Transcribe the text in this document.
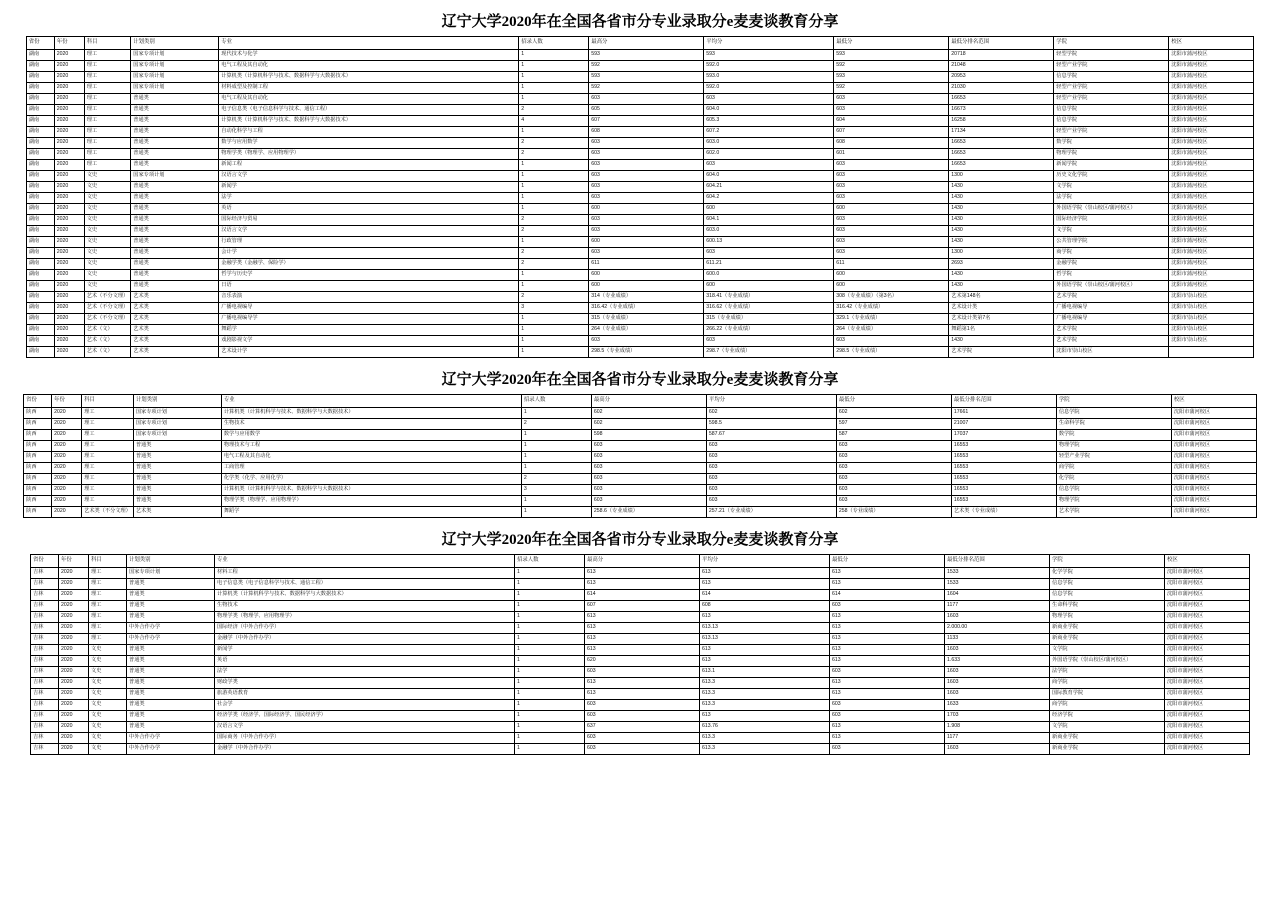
辽宁大学2020年在全国各省市分专业录取分e麦麦谈教育分享
省份	年份	科目	计划类别	专业	招录人数	最高分	平均分	最低分	最低分排名范围	学院	校区
湖南	2020	理工	国家专项计划	现代技术与化学	1	593	593	593	20718	轻型学院	沈阳市蒲河校区
湖南	2020	理工	国家专项计划	电气工程及其自动化	1	592	592.0	592	21048	轻型产业学院	沈阳市蒲河校区
湖南	2020	理工	国家专项计划	计算机类（计算机科学与技术、数据科学与大数据技术）	1	593	593.0	593	20953	信息学院	沈阳市蒲河校区
湖南	2020	理工	国家专项计划	材料成型及控制工程	1	592	592.0	592	21030	轻型产业学院	沈阳市蒲河校区
湖南	2020	理工	普通类	电气工程及其自动化	1	603	603	603	16653	轻型产业学院	沈阳市蒲河校区
湖南	2020	理工	普通类	电子信息类（电子信息科学与技术、通信工程）	2	605	604.0	603	16673	信息学院	沈阳市蒲河校区
湖南	2020	理工	普通类	计算机类（计算机科学与技术、数据科学与大数据技术）	4	607	605.3	604	16258	信息学院	沈阳市蒲河校区
湖南	2020	理工	普通类	自动化科学与工程	1	608	607.2	607	17134	轻型产业学院	沈阳市蒲河校区
湖南	2020	理工	普通类	数学与应用数学	2	603	603.0	608	16653	数学院	沈阳市蒲河校区
湖南	2020	理工	普通类	物理学类（物理学、应用物理学）	2	603	602.0	601	16653	物理学院	沈阳市蒲河校区
湖南	2020	理工	普通类	新闻工程	1	603	603	603	16653	新闻学院	沈阳市蒲河校区
湖南	2020	文史	国家专项计划	汉语言文学	1	603	604.0	603	1300	历史文化学院	沈阳市蒲河校区
湖南	2020	文史	普通类	新闻学	1	603	604.21	603	1430	文学院	沈阳市蒲河校区
湖南	2020	文史	普通类	法学	1	603	604.2	603	1430	法学院	沈阳市蒲河校区
湖南	2020	文史	普通类	英语	1	600	600	600	1430	外国语学院（崇山校区/蒲河校区）	沈阳市蒲河校区
湖南	2020	文史	普通类	国际经济与贸易	2	603	604.1	603	1430	国际经济学院	沈阳市蒲河校区
湖南	2020	文史	普通类	汉语言文学	2	603	603.0	603	1430	文学院	沈阳市蒲河校区
湖南	2020	文史	普通类	行政管理	1	600	600.13	603	1430	公共管理学院	沈阳市蒲河校区
湖南	2020	文史	普通类	会计学	2	603	603	603	1300	商学院	沈阳市蒲河校区
湖南	2020	文史	普通类	金融学类（金融学、保险学）	2	611	611.21	611	2693	金融学院	沈阳市蒲河校区
湖南	2020	文史	普通类	哲学与历史学	1	600	600.0	600	1430	哲学院	沈阳市蒲河校区
湖南	2020	文史	普通类	日语	1	600	600	600	1430	外国语学院（崇山校区/蒲河校区）	沈阳市蒲河校区
湖南	2020	艺术（不分文理）	艺术类	音乐表演	2	314（专业成绩）	318.41（专业成绩）	308（专业成绩）（第3名）	艺术第148名	艺术学院	沈阳市崇山校区
湖南	2020	艺术（不分文理）	艺术类	广播电视编导	3	316.42（专业成绩）	316.62（专业成绩）	316.42（专业成绩）	艺术设计类	广播电视编导	沈阳市崇山校区
湖南	2020	艺术（不分文理）	艺术类	广播电视编导学	1	315（专业成绩）	315（专业成绩）	329.1（专业成绩）	艺术设计类第7名	广播电视编导	沈阳市崇山校区
湖南	2020	艺术（文）	艺术类	舞蹈学	1	264（专业成绩）	266.22（专业成绩）	264（专业成绩）	舞蹈第1名	艺术学院	沈阳市崇山校区
湖南	2020	艺术（文）	艺术类	戏剧影视文学	1	603	603	603	1430	艺术学院	沈阳市崇山校区
湖南	2020	艺术（文）	艺术类	艺术设计学	1	298.5（专业成绩）	298.7（专业成绩）	298.5（专业成绩）	艺术学院	沈阳市崇山校区	
辽宁大学2020年在全国各省市分专业录取分e麦麦谈教育分享
省份	年份	科目	计划类别	专业	招录人数	最高分	平均分	最低分	最低分排名范围	学院	校区
陕西	2020	理工	国家专项计划	计算机类（计算机科学与技术、数据科学与大数据技术）	1	602	602	602	17661	信息学院	沈阳市蒲河校区
陕西	2020	理工	国家专项计划	生物技术	2	602	598.5	597	21007	生命科学院	沈阳市蒲河校区
陕西	2020	理工	国家专项计划	数学与应用数学	1	598	587.67	587	17037	数学院	沈阳市蒲河校区
陕西	2020	理工	普通类	物理技术与工程	1	603	603	603	16553	物理学院	沈阳市蒲河校区
陕西	2020	理工	普通类	电气工程及其自动化	1	603	603	603	16553	轻型产业学院	沈阳市蒲河校区
陕西	2020	理工	普通类	工商管理	1	603	603	603	16553	商学院	沈阳市蒲河校区
陕西	2020	理工	普通类	化学类（化学、应用化学）	2	603	603	603	16553	化学院	沈阳市蒲河校区
陕西	2020	理工	普通类	计算机类（计算机科学与技术、数据科学与大数据技术）	3	603	603	603	16553	信息学院	沈阳市蒲河校区
陕西	2020	理工	普通类	物理学类（物理学、应用物理学）	1	603	603	603	16553	物理学院	沈阳市蒲河校区
陕西	2020	艺术类（不分文理）	艺术类	舞蹈学	1	258.6（专业成绩）	257.21（专业成绩）	258（专业成绩）	艺术类（专业成绩）	艺术学院	沈阳市蒲河校区
辽宁大学2020年在全国各省市分专业录取分e麦麦谈教育分享
省份	年份	科目	计划类别	专业	招录人数	最高分	平均分	最低分	最低分排名范围	学院	校区
吉林	2020	理工	国家专项计划	材料工程	1	613	613	613	1533	化学学院	沈阳市蒲河校区
吉林	2020	理工	普通类	电子信息类（电子信息科学与技术、通信工程）	1	613	613	613	1533	信息学院	沈阳市蒲河校区
吉林	2020	理工	普通类	计算机类（计算机科学与技术、数据科学与大数据技术）	1	614	614	614	1604	信息学院	沈阳市蒲河校区
吉林	2020	理工	普通类	生物技术	1	607	608	603	1177	生命科学院	沈阳市蒲河校区
吉林	2020	理工	普通类	物理学类（物理学、应用物理学）	1	613	613	613	1603	物理学院	沈阳市蒲河校区
吉林	2020	理工	中外合作办学	国际经济（中外合作办学）	1	613	613.13	613	2.000.00	新商业学院	沈阳市蒲河校区
吉林	2020	理工	中外合作办学	金融学（中外合作办学）	1	613	613.13	613	1133	新商业学院	沈阳市蒲河校区
吉林	2020	文史	普通类	新闻学	1	613	613	613	1603	文学院	沈阳市蒲河校区
吉林	2020	文史	普通类	英语	1	620	613	613	1.633	外国语学院（崇山校区/蒲河校区）	沈阳市蒲河校区
吉林	2020	文史	普通类	法学	1	603	613.1	603	1603	法学院	沈阳市蒲河校区
吉林	2020	文史	普通类	财政学类	1	613	613.3	613	1603	商学院	沈阳市蒲河校区
吉林	2020	文史	普通类	旅游英语教育	1	613	613.3	613	1603	国际教育学院	沈阳市蒲河校区
吉林	2020	文史	普通类	社会学	1	603	613.3	603	1633	商学院	沈阳市蒲河校区
吉林	2020	文史	普通类	经济学类（经济学、国际经济学、国民经济学）	1	603	613	603	1703	经济学院	沈阳市蒲河校区
吉林	2020	文史	普通类	汉语言文学	1	637	613.76	613	1.908	文学院	沈阳市蒲河校区
吉林	2020	文史	中外合作办学	国际商务（中外合作办学）	1	603	613.3	613	1177	新商业学院	沈阳市蒲河校区
吉林	2020	文史	中外合作办学	金融学（中外合作办学）	1	603	613.3	603	1603	新商业学院	沈阳市蒲河校区
